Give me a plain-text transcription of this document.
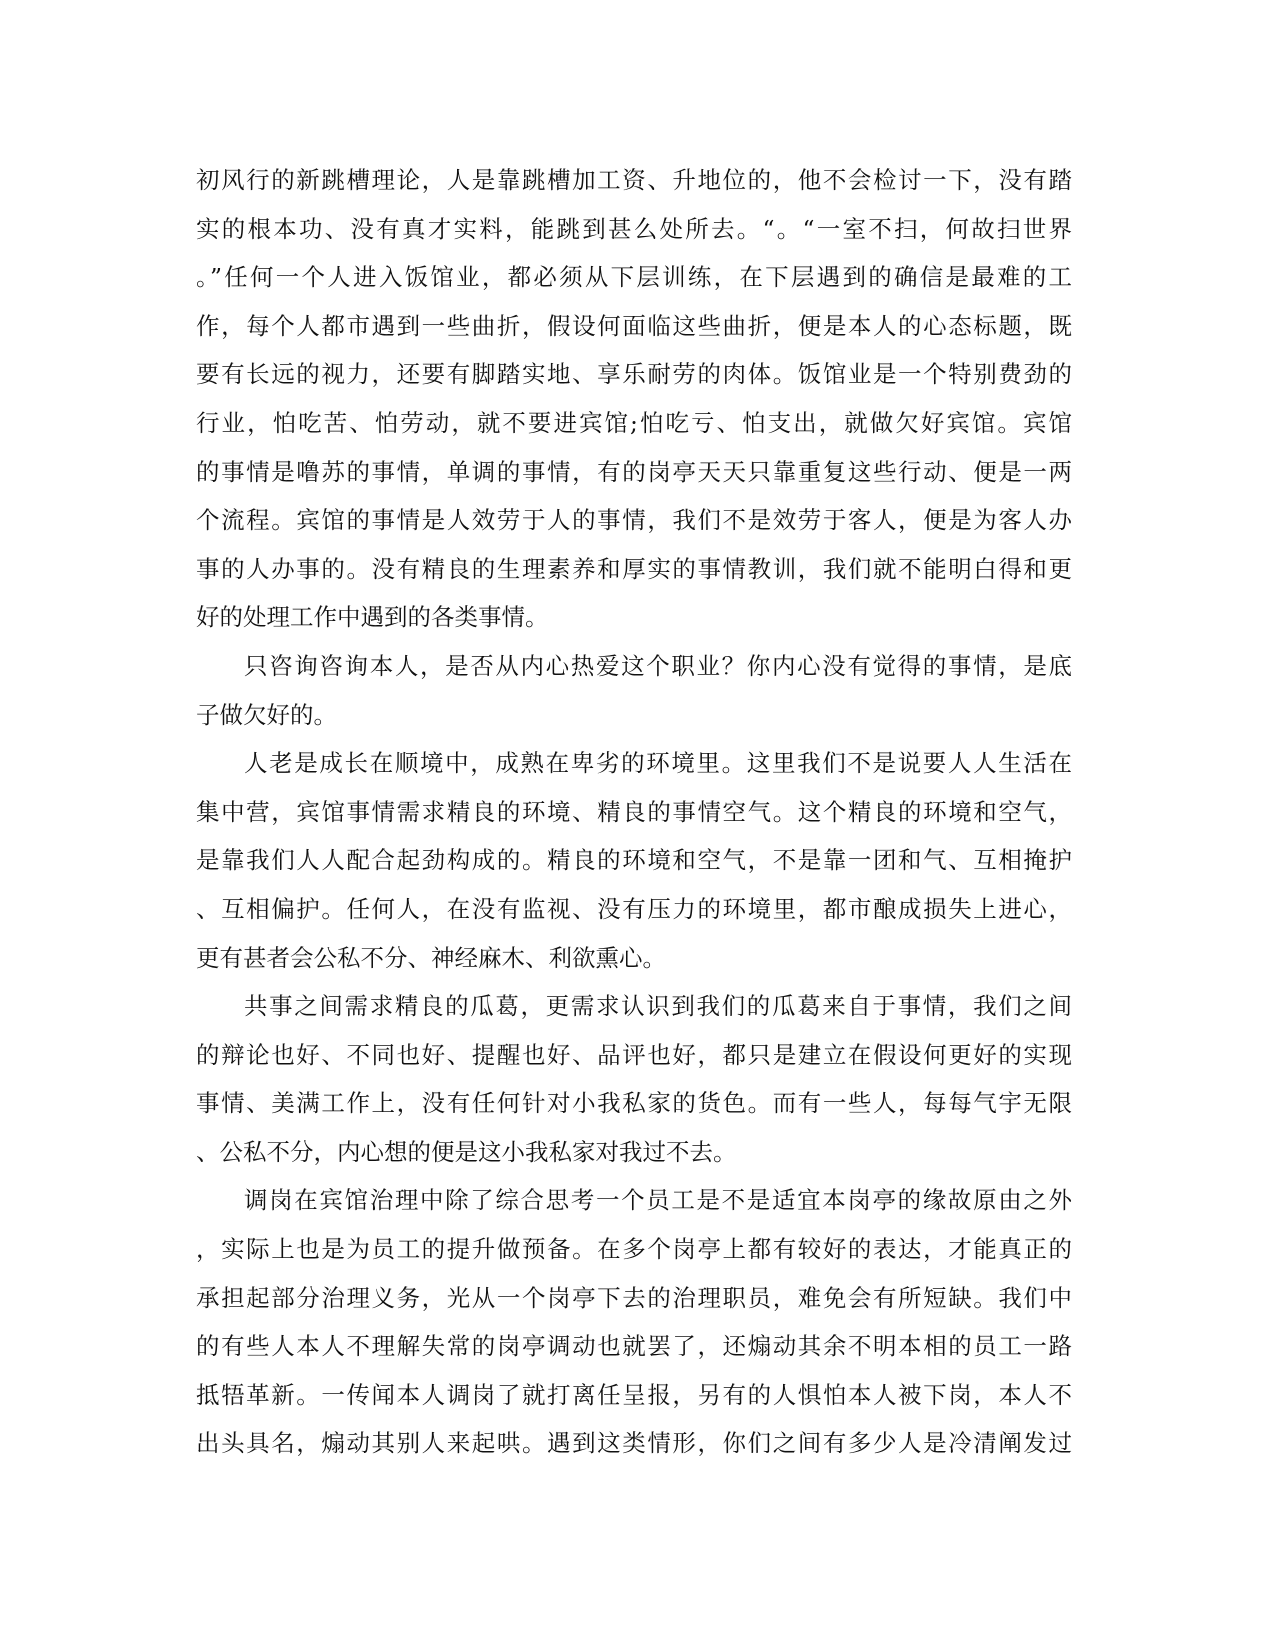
初风行的新跳槽理论，人是靠跳槽加工资、升地位的，他不会检讨一下，没有踏
实的根本功、没有真才实料，能跳到甚么处所去。“。“一室不扫，何故扫世界
。”任何一个人进入饭馆业，都必须从下层训练，在下层遇到的确信是最难的工
作，每个人都市遇到一些曲折，假设何面临这些曲折，便是本人的心态标题，既
要有长远的视力，还要有脚踏实地、享乐耐劳的肉体。饭馆业是一个特别费劲的
行业，怕吃苦、怕劳动，就不要进宾馆;怕吃亏、怕支出，就做欠好宾馆。宾馆
的事情是噜苏的事情，单调的事情，有的岗亭天天只靠重复这些行动、便是一两
个流程。宾馆的事情是人效劳于人的事情，我们不是效劳于客人，便是为客人办
事的人办事的。没有精良的生理素养和厚实的事情教训，我们就不能明白得和更
好的处理工作中遇到的各类事情。
只咨询咨询本人，是否从内心热爱这个职业？你内心没有觉得的事情，是底
子做欠好的。
人老是成长在顺境中，成熟在卑劣的环境里。这里我们不是说要人人生活在
集中营，宾馆事情需求精良的环境、精良的事情空气。这个精良的环境和空气，
是靠我们人人配合起劲构成的。精良的环境和空气，不是靠一团和气、互相掩护
、互相偏护。任何人，在没有监视、没有压力的环境里，都市酿成损失上进心，
更有甚者会公私不分、神经麻木、利欲熏心。
共事之间需求精良的瓜葛，更需求认识到我们的瓜葛来自于事情，我们之间
的辩论也好、不同也好、提醒也好、品评也好，都只是建立在假设何更好的实现
事情、美满工作上，没有任何针对小我私家的货色。而有一些人，每每气宇无限
、公私不分，内心想的便是这小我私家对我过不去。
调岗在宾馆治理中除了综合思考一个员工是不是适宜本岗亭的缘故原由之外
，实际上也是为员工的提升做预备。在多个岗亭上都有较好的表达，才能真正的
承担起部分治理义务，光从一个岗亭下去的治理职员，难免会有所短缺。我们中
的有些人本人不理解失常的岗亭调动也就罢了，还煽动其余不明本相的员工一路
抵牾革新。一传闻本人调岗了就打离任呈报，另有的人惧怕本人被下岗，本人不
出头具名，煽动其别人来起哄。遇到这类情形，你们之间有多少人是冷清阐发过
